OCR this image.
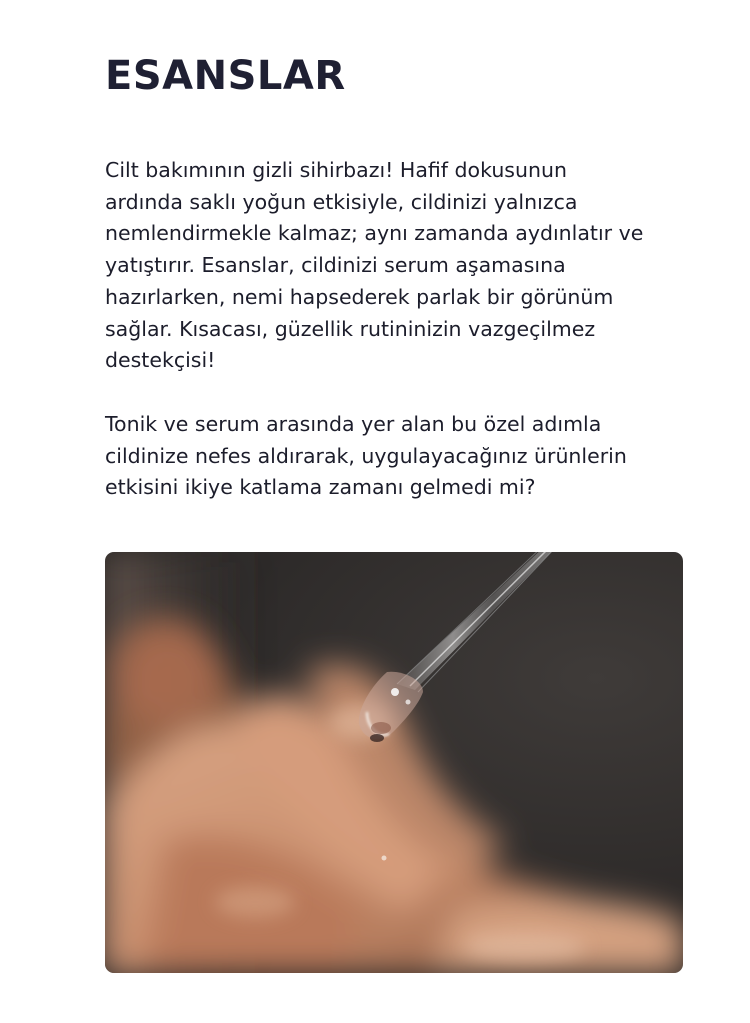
ESANSLAR

Cilt bakımının gizli sihirbazı! Hafif dokusunun
ardında saklı yoğun etkisiyle, cildinizi yalnızca
nemlendirmekle kalmaz; aynı zamanda aydınlatır ve
yatıştırır. Esanslar, cildinizi serum aşamasına
hazırlarken, nemi hapsederek parlak bir görünüm
sağlar. Kısacası, güzellik rutininizin vazgeçilmez
destekçisi!

Tonik ve serum arasında yer alan bu özel adımla
cildinize nefes aldırarak, uygulayacağınız ürünlerin
etkisini ikiye katlama zamanı gelmedi mi?
